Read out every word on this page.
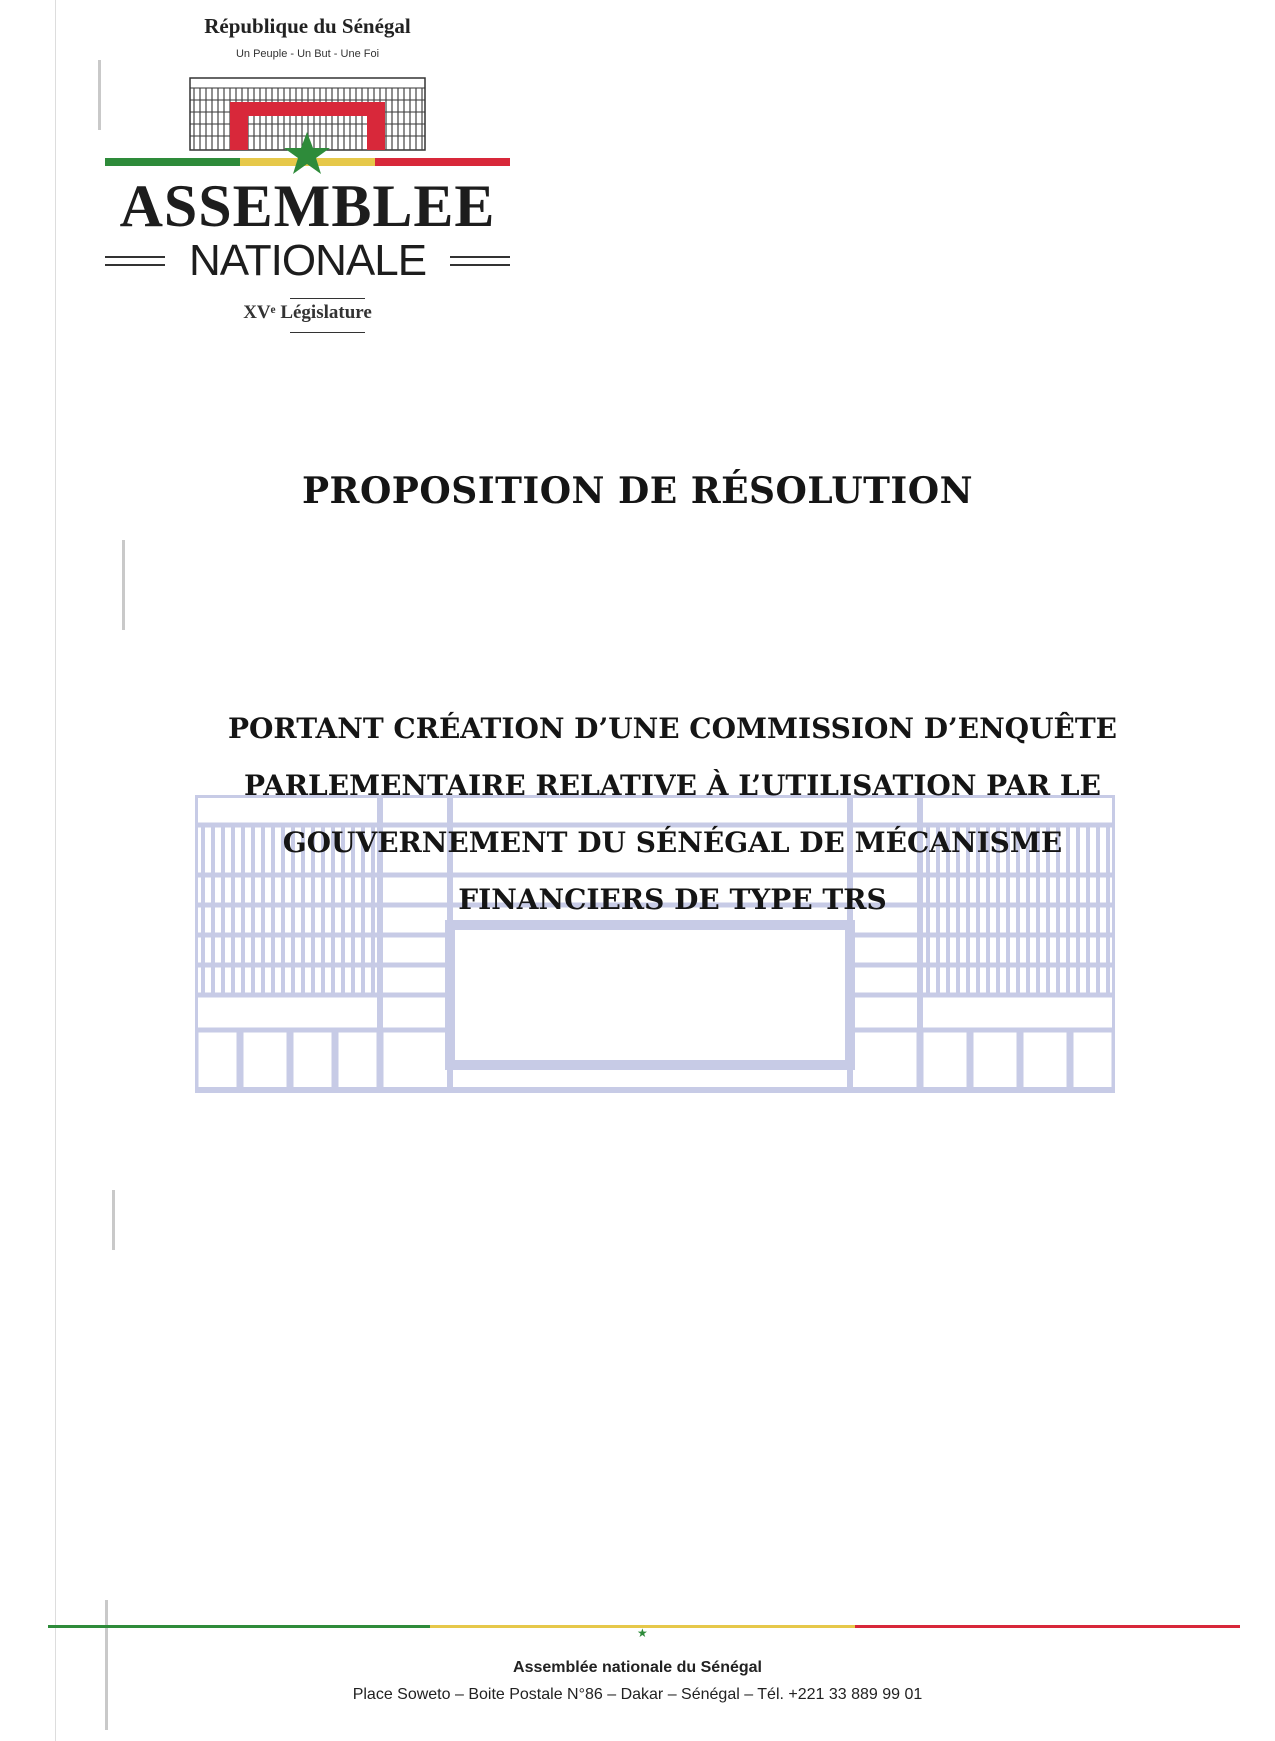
République du Sénégal
Un Peuple - Un But - Une Foi
ASSEMBLEE
NATIONALE
XVᵉ Législature
PROPOSITION DE RÉSOLUTION
PORTANT CRÉATION D’UNE COMMISSION D’ENQUÊTE
PARLEMENTAIRE RELATIVE À L’UTILISATION PAR LE
GOUVERNEMENT DU SÉNÉGAL DE MÉCANISME
FINANCIERS DE TYPE TRS
★
Assemblée nationale du Sénégal
Place Soweto – Boite Postale N°86 – Dakar – Sénégal – Tél. +221 33 889 99 01
